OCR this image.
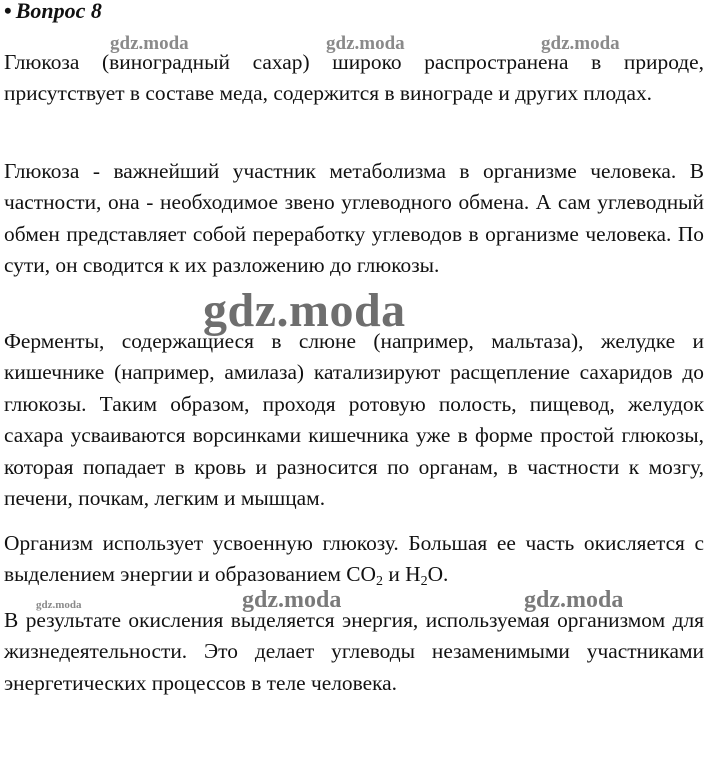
• Вопрос 8
gdz.moda	gdz.moda	gdz.moda

Глюкоза (виноградный сахар) широко распространена в природе, присутствует в составе меда, содержится в винограде и других плодах.

Глюкоза - важнейший участник метаболизма в организме человека. В частности, она - необходимое звено углеводного обмена. А сам углеводный обмен представляет собой переработку углеводов в организме человека. По сути, он сводится к их разложению до глюкозы.

gdz.moda

Ферменты, содержащиеся в слюне (например, мальтаза), желудке и кишечнике (например, амилаза) катализируют расщепление сахаридов до глюкозы. Таким образом, проходя ротовую полость, пищевод, желудок сахара усваиваются ворсинками кишечника уже в форме простой глюкозы, которая попадает в кровь и разносится по органам, в частности к мозгу, печени, почкам, легким и мышцам.

Организм использует усвоенную глюкозу. Большая ее часть окисляется с выделением энергии и образованием $CO_2$ и $H_2O$.

gdz.moda	gdz.moda
gdz.moda

В результате окисления выделяется энергия, используемая организмом для жизнедеятельности. Это делает углеводы незаменимыми участниками энергетических процессов в теле человека.
